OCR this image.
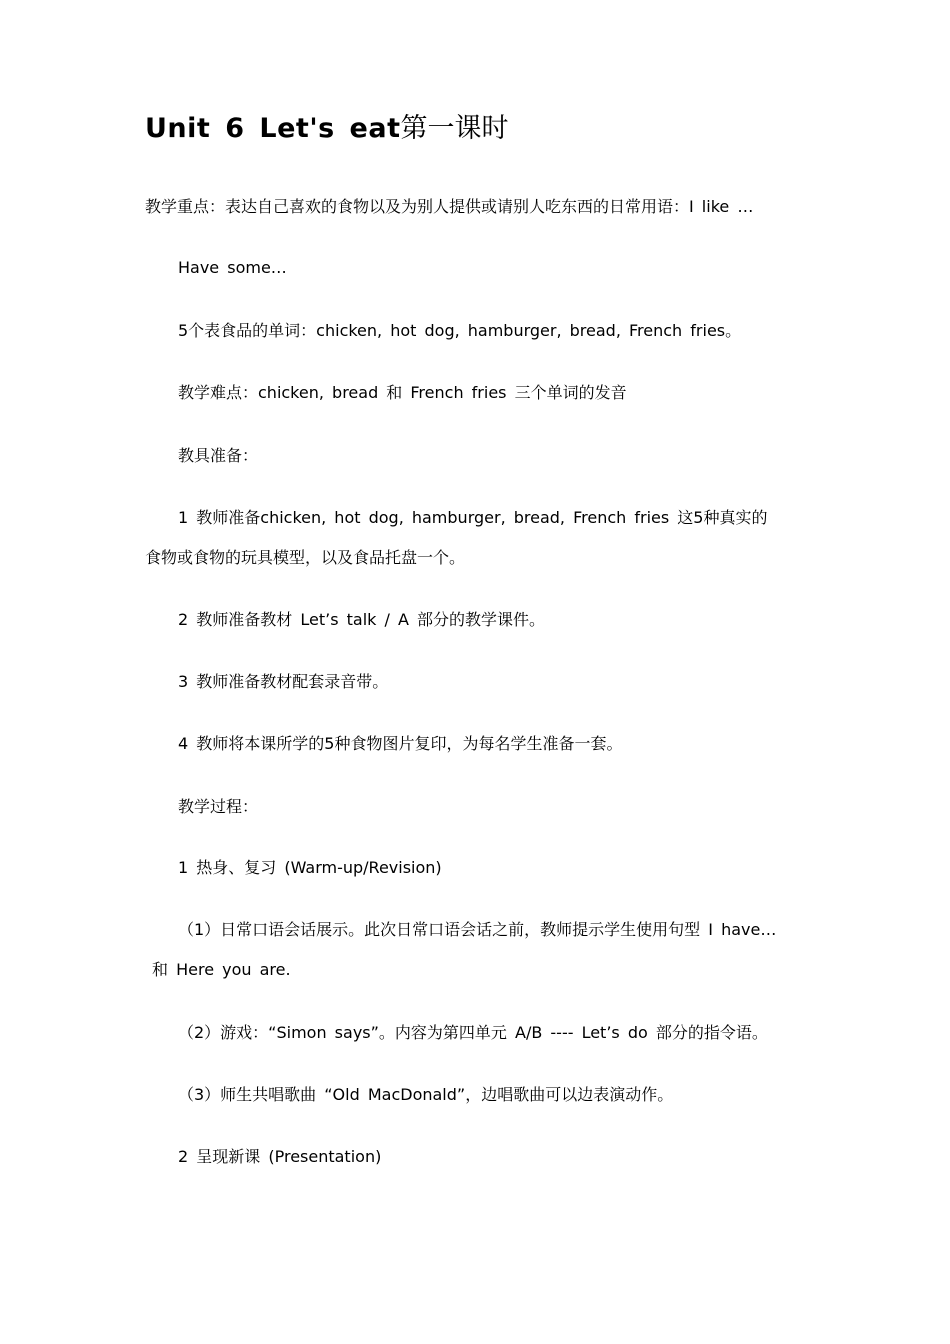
Unit 6 Let's eat第一课时

教学重点：表达自己喜欢的食物以及为别人提供或请别人吃东西的日常用语：I like …

Have some…

5个表食品的单词：chicken, hot dog, hamburger, bread, French fries。

教学难点：chicken, bread 和 French fries 三个单词的发音

教具准备：

1 教师准备chicken, hot dog, hamburger, bread, French fries 这5种真实的

食物或食物的玩具模型，以及食品托盘一个。

2 教师准备教材 Let’s talk / A 部分的教学课件。

3 教师准备教材配套录音带。

4 教师将本课所学的5种食物图片复印，为每名学生准备一套。

教学过程：

1 热身、复习 (Warm-up/Revision)

（1）日常口语会话展示。此次日常口语会话之前，教师提示学生使用句型 I have…

和 Here you are.

（2）游戏：“Simon says”。内容为第四单元 A/B ---- Let’s do 部分的指令语。

（3）师生共唱歌曲 “Old MacDonald”，边唱歌曲可以边表演动作。

2 呈现新课 (Presentation)
